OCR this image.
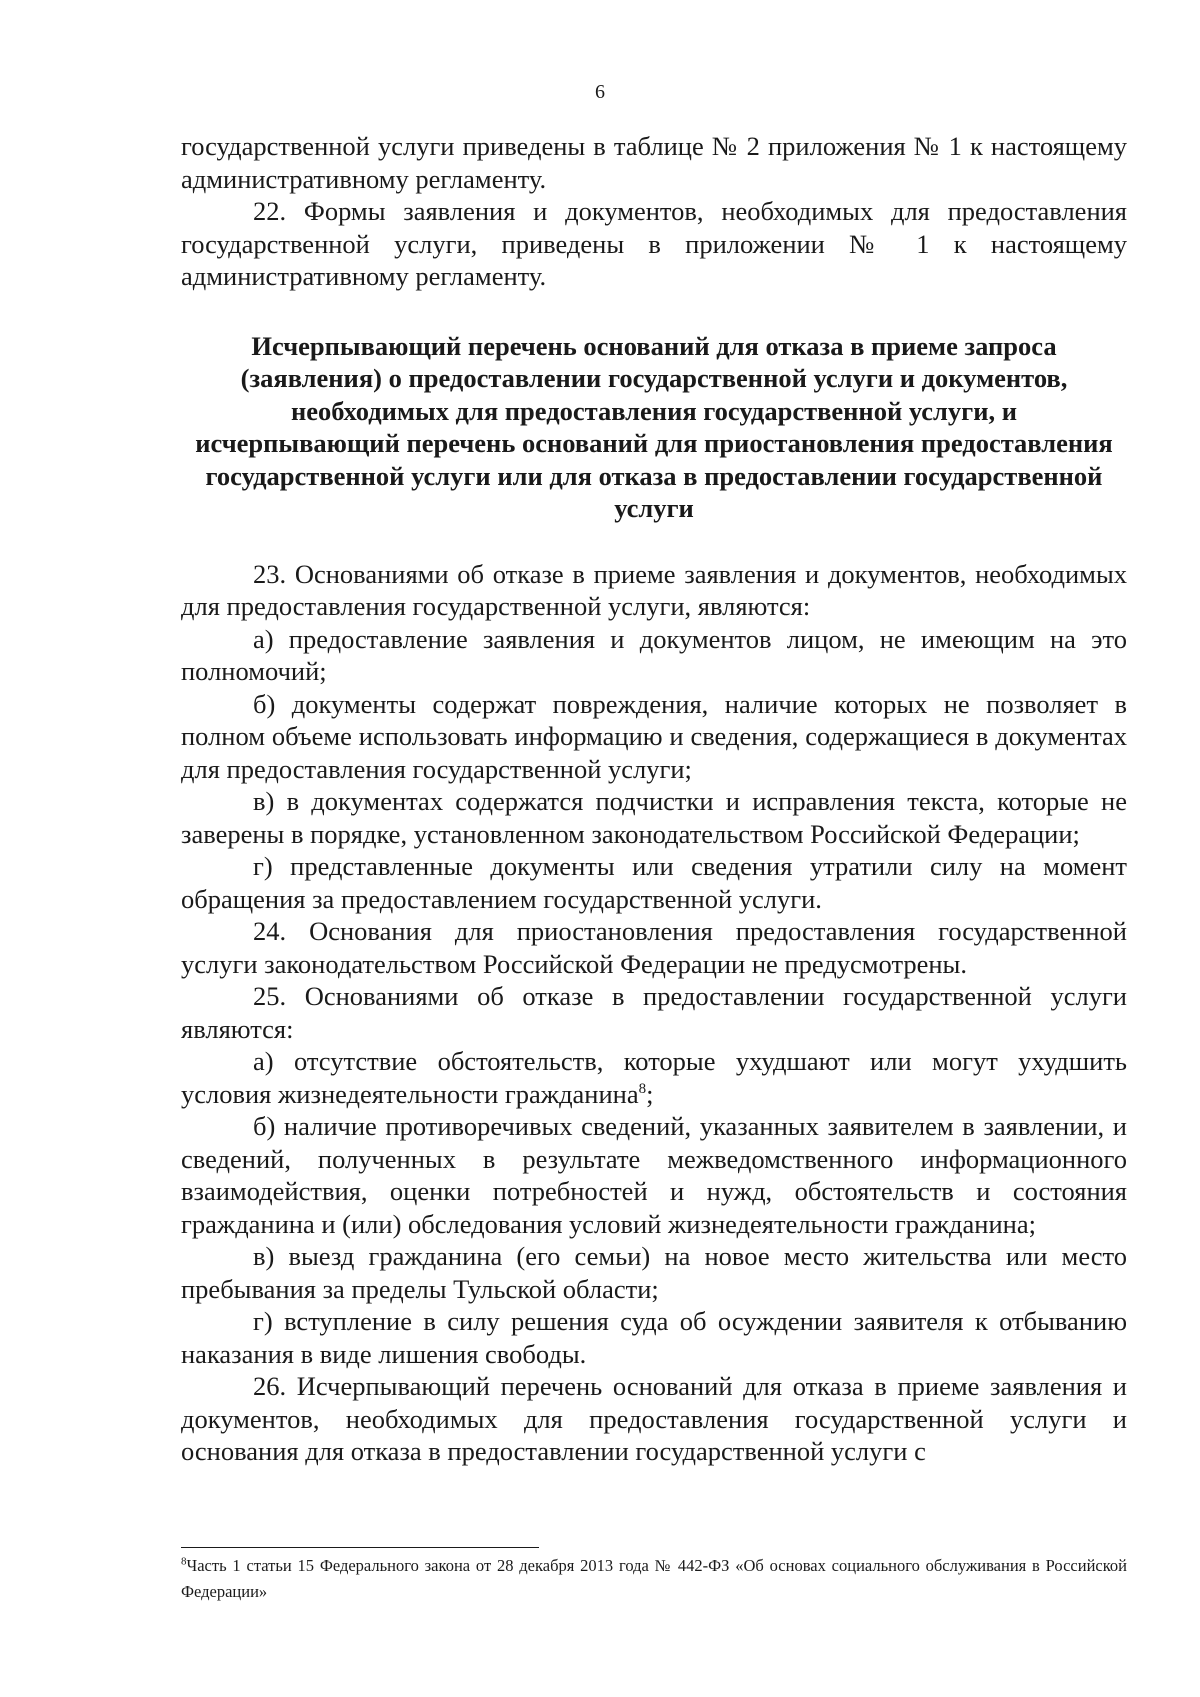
6

государственной услуги приведены в таблице № 2 приложения № 1 к настоящему административному регламенту.

22. Формы заявления и документов, необходимых для предоставления государственной услуги, приведены в приложении № 1 к настоящему административному регламенту.

Исчерпывающий перечень оснований для отказа в приеме запроса (заявления) о предоставлении государственной услуги и документов, необходимых для предоставления государственной услуги, и исчерпывающий перечень оснований для приостановления предоставления государственной услуги или для отказа в предоставлении государственной услуги

23. Основаниями об отказе в приеме заявления и документов, необходимых для предоставления государственной услуги, являются:

а) предоставление заявления и документов лицом, не имеющим на это полномочий;

б) документы содержат повреждения, наличие которых не позволяет в полном объеме использовать информацию и сведения, содержащиеся в документах для предоставления государственной услуги;

в) в документах содержатся подчистки и исправления текста, которые не заверены в порядке, установленном законодательством Российской Федерации;

г) представленные документы или сведения утратили силу на момент обращения за предоставлением государственной услуги.

24. Основания для приостановления предоставления государственной услуги законодательством Российской Федерации не предусмотрены.

25. Основаниями об отказе в предоставлении государственной услуги являются:

а) отсутствие обстоятельств, которые ухудшают или могут ухудшить условия жизнедеятельности гражданина$^8$;

б) наличие противоречивых сведений, указанных заявителем в заявлении, и сведений, полученных в результате межведомственного информационного взаимодействия, оценки потребностей и нужд, обстоятельств и состояния гражданина и (или) обследования условий жизнедеятельности гражданина;

в) выезд гражданина (его семьи) на новое место жительства или место пребывания за пределы Тульской области;

г) вступление в силу решения суда об осуждении заявителя к отбыванию наказания в виде лишения свободы.

26. Исчерпывающий перечень оснований для отказа в приеме заявления и документов, необходимых для предоставления государственной услуги и основания для отказа в предоставлении государственной услуги с

$^8$Часть 1 статьи 15 Федерального закона от 28 декабря 2013 года № 442-ФЗ «Об основах социального обслуживания в Российской Федерации»
